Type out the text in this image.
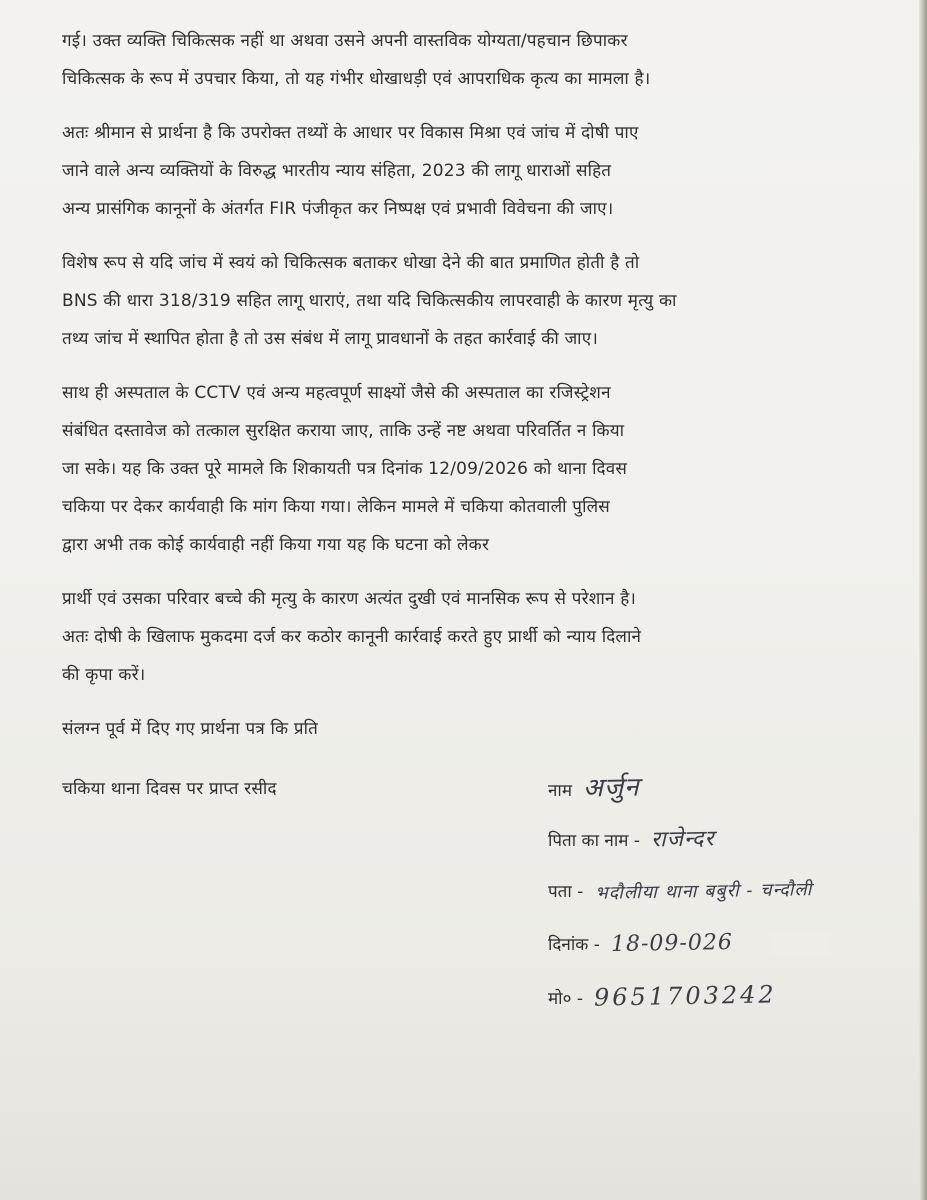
गई। उक्त व्यक्ति चिकित्सक नहीं था अथवा उसने अपनी वास्तविक योग्यता/पहचान छिपाकर
चिकित्सक के रूप में उपचार किया, तो यह गंभीर धोखाधड़ी एवं आपराधिक कृत्य का मामला है।
अतः श्रीमान से प्रार्थना है कि उपरोक्त तथ्यों के आधार पर विकास मिश्रा एवं जांच में दोषी पाए
जाने वाले अन्य व्यक्तियों के विरुद्ध भारतीय न्याय संहिता, 2023 की लागू धाराओं सहित
अन्य प्रासंगिक कानूनों के अंतर्गत FIR पंजीकृत कर निष्पक्ष एवं प्रभावी विवेचना की जाए।
विशेष रूप से यदि जांच में स्वयं को चिकित्सक बताकर धोखा देने की बात प्रमाणित होती है तो
BNS की धारा 318/319 सहित लागू धाराएं, तथा यदि चिकित्सकीय लापरवाही के कारण मृत्यु का
तथ्य जांच में स्थापित होता है तो उस संबंध में लागू प्रावधानों के तहत कार्रवाई की जाए।
साथ ही अस्पताल के CCTV एवं अन्य महत्वपूर्ण साक्ष्यों जैसे की अस्पताल का रजिस्ट्रेशन
संबंधित दस्तावेज को तत्काल सुरक्षित कराया जाए, ताकि उन्हें नष्ट अथवा परिवर्तित न किया
जा सके। यह कि उक्त पूरे मामले कि शिकायती पत्र दिनांक 12/09/2026 को थाना दिवस
चकिया पर देकर कार्यवाही कि मांग किया गया। लेकिन मामले में चकिया कोतवाली पुलिस
द्वारा अभी तक कोई कार्यवाही नहीं किया गया यह कि घटना को लेकर
प्रार्थी एवं उसका परिवार बच्चे की मृत्यु के कारण अत्यंत दुखी एवं मानसिक रूप से परेशान है।
अतः दोषी के खिलाफ मुकदमा दर्ज कर कठोर कानूनी कार्रवाई करते हुए प्रार्थी को न्याय दिलाने
की कृपा करें।
संलग्न पूर्व में दिए गए प्रार्थना पत्र कि प्रति
चकिया थाना दिवस पर प्राप्त रसीद	नाम अर्जुन
पिता का नाम - राजेन्दर
पता - भदौलीया थाना बबुरी - चन्दौली
दिनांक - 18-09-026
मो० - 9651703242
